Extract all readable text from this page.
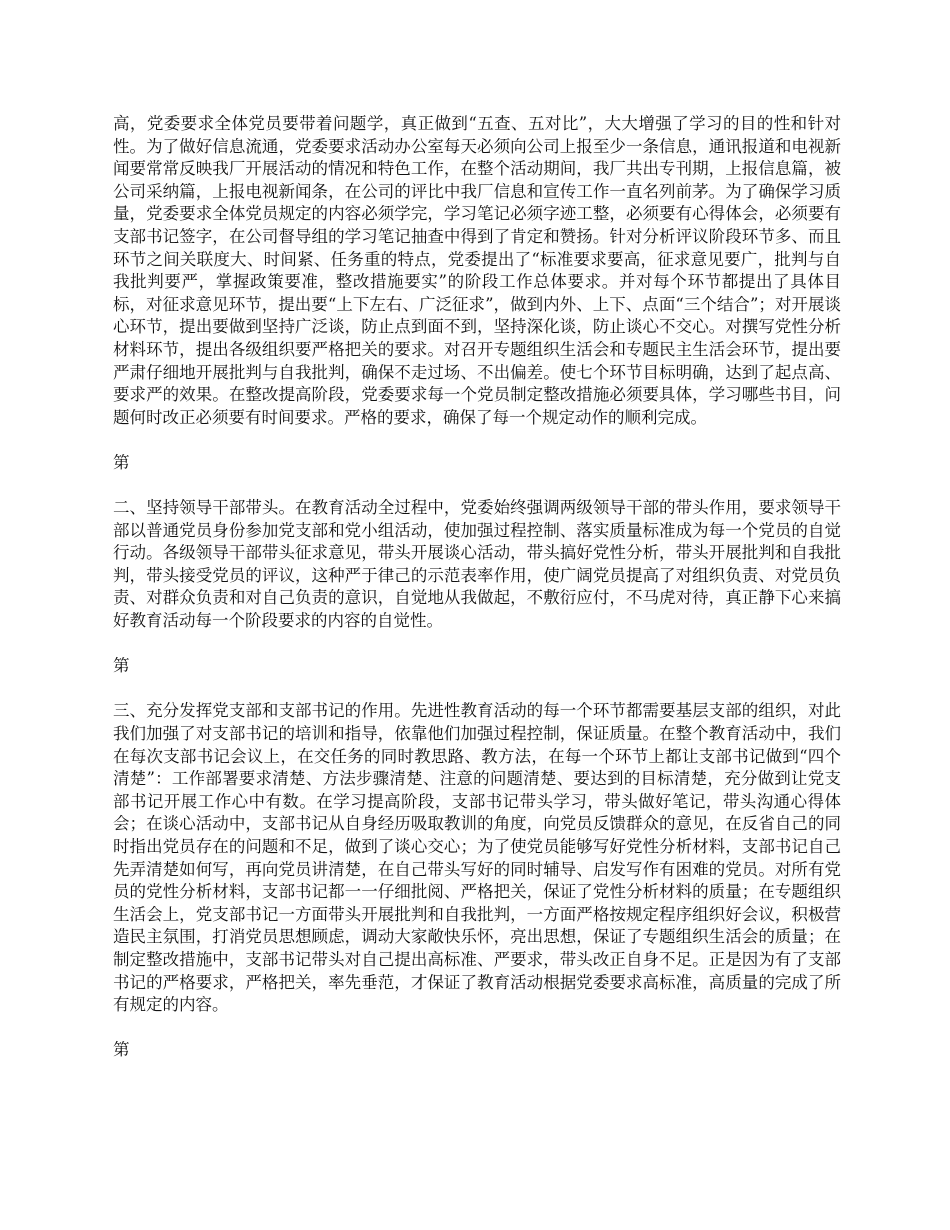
高，党委要求全体党员要带着问题学，真正做到“五查、五对比”，大大增强了学习的目的性和针对性。为了做好信息流通，党委要求活动办公室每天必须向公司上报至少一条信息，通讯报道和电视新闻要常常反映我厂开展活动的情况和特色工作，在整个活动期间，我厂共出专刊期，上报信息篇，被公司采纳篇，上报电视新闻条，在公司的评比中我厂信息和宣传工作一直名列前茅。为了确保学习质量，党委要求全体党员规定的内容必须学完，学习笔记必须字迹工整，必须要有心得体会，必须要有支部书记签字，在公司督导组的学习笔记抽查中得到了肯定和赞扬。针对分析评议阶段环节多、而且环节之间关联度大、时间紧、任务重的特点，党委提出了“标准要求要高，征求意见要广，批判与自我批判要严，掌握政策要准，整改措施要实”的阶段工作总体要求。并对每个环节都提出了具体目标，对征求意见环节，提出要“上下左右、广泛征求”，做到内外、上下、点面“三个结合”；对开展谈心环节，提出要做到坚持广泛谈，防止点到面不到，坚持深化谈，防止谈心不交心。对撰写党性分析材料环节，提出各级组织要严格把关的要求。对召开专题组织生活会和专题民主生活会环节，提出要严肃仔细地开展批判与自我批判，确保不走过场、不出偏差。使七个环节目标明确，达到了起点高、要求严的效果。在整改提高阶段，党委要求每一个党员制定整改措施必须要具体，学习哪些书目，问题何时改正必须要有时间要求。严格的要求，确保了每一个规定动作的顺利完成。

第

二、坚持领导干部带头。在教育活动全过程中，党委始终强调两级领导干部的带头作用，要求领导干部以普通党员身份参加党支部和党小组活动，使加强过程控制、落实质量标准成为每一个党员的自觉行动。各级领导干部带头征求意见，带头开展谈心活动，带头搞好党性分析，带头开展批判和自我批判，带头接受党员的评议，这种严于律己的示范表率作用，使广阔党员提高了对组织负责、对党员负责、对群众负责和对自己负责的意识，自觉地从我做起，不敷衍应付，不马虎对待，真正静下心来搞好教育活动每一个阶段要求的内容的自觉性。

第

三、充分发挥党支部和支部书记的作用。先进性教育活动的每一个环节都需要基层支部的组织，对此我们加强了对支部书记的培训和指导，依靠他们加强过程控制，保证质量。在整个教育活动中，我们在每次支部书记会议上，在交任务的同时教思路、教方法，在每一个环节上都让支部书记做到“四个清楚”：工作部署要求清楚、方法步骤清楚、注意的问题清楚、要达到的目标清楚，充分做到让党支部书记开展工作心中有数。在学习提高阶段，支部书记带头学习，带头做好笔记，带头沟通心得体会；在谈心活动中，支部书记从自身经历吸取教训的角度，向党员反馈群众的意见，在反省自己的同时指出党员存在的问题和不足，做到了谈心交心；为了使党员能够写好党性分析材料，支部书记自己先弄清楚如何写，再向党员讲清楚，在自己带头写好的同时辅导、启发写作有困难的党员。对所有党员的党性分析材料，支部书记都一一仔细批阅、严格把关，保证了党性分析材料的质量；在专题组织生活会上，党支部书记一方面带头开展批判和自我批判，一方面严格按规定程序组织好会议，积极营造民主氛围，打消党员思想顾虑，调动大家敞快乐怀，亮出思想，保证了专题组织生活会的质量；在制定整改措施中，支部书记带头对自己提出高标准、严要求，带头改正自身不足。正是因为有了支部书记的严格要求，严格把关，率先垂范，才保证了教育活动根据党委要求高标准，高质量的完成了所有规定的内容。

第
